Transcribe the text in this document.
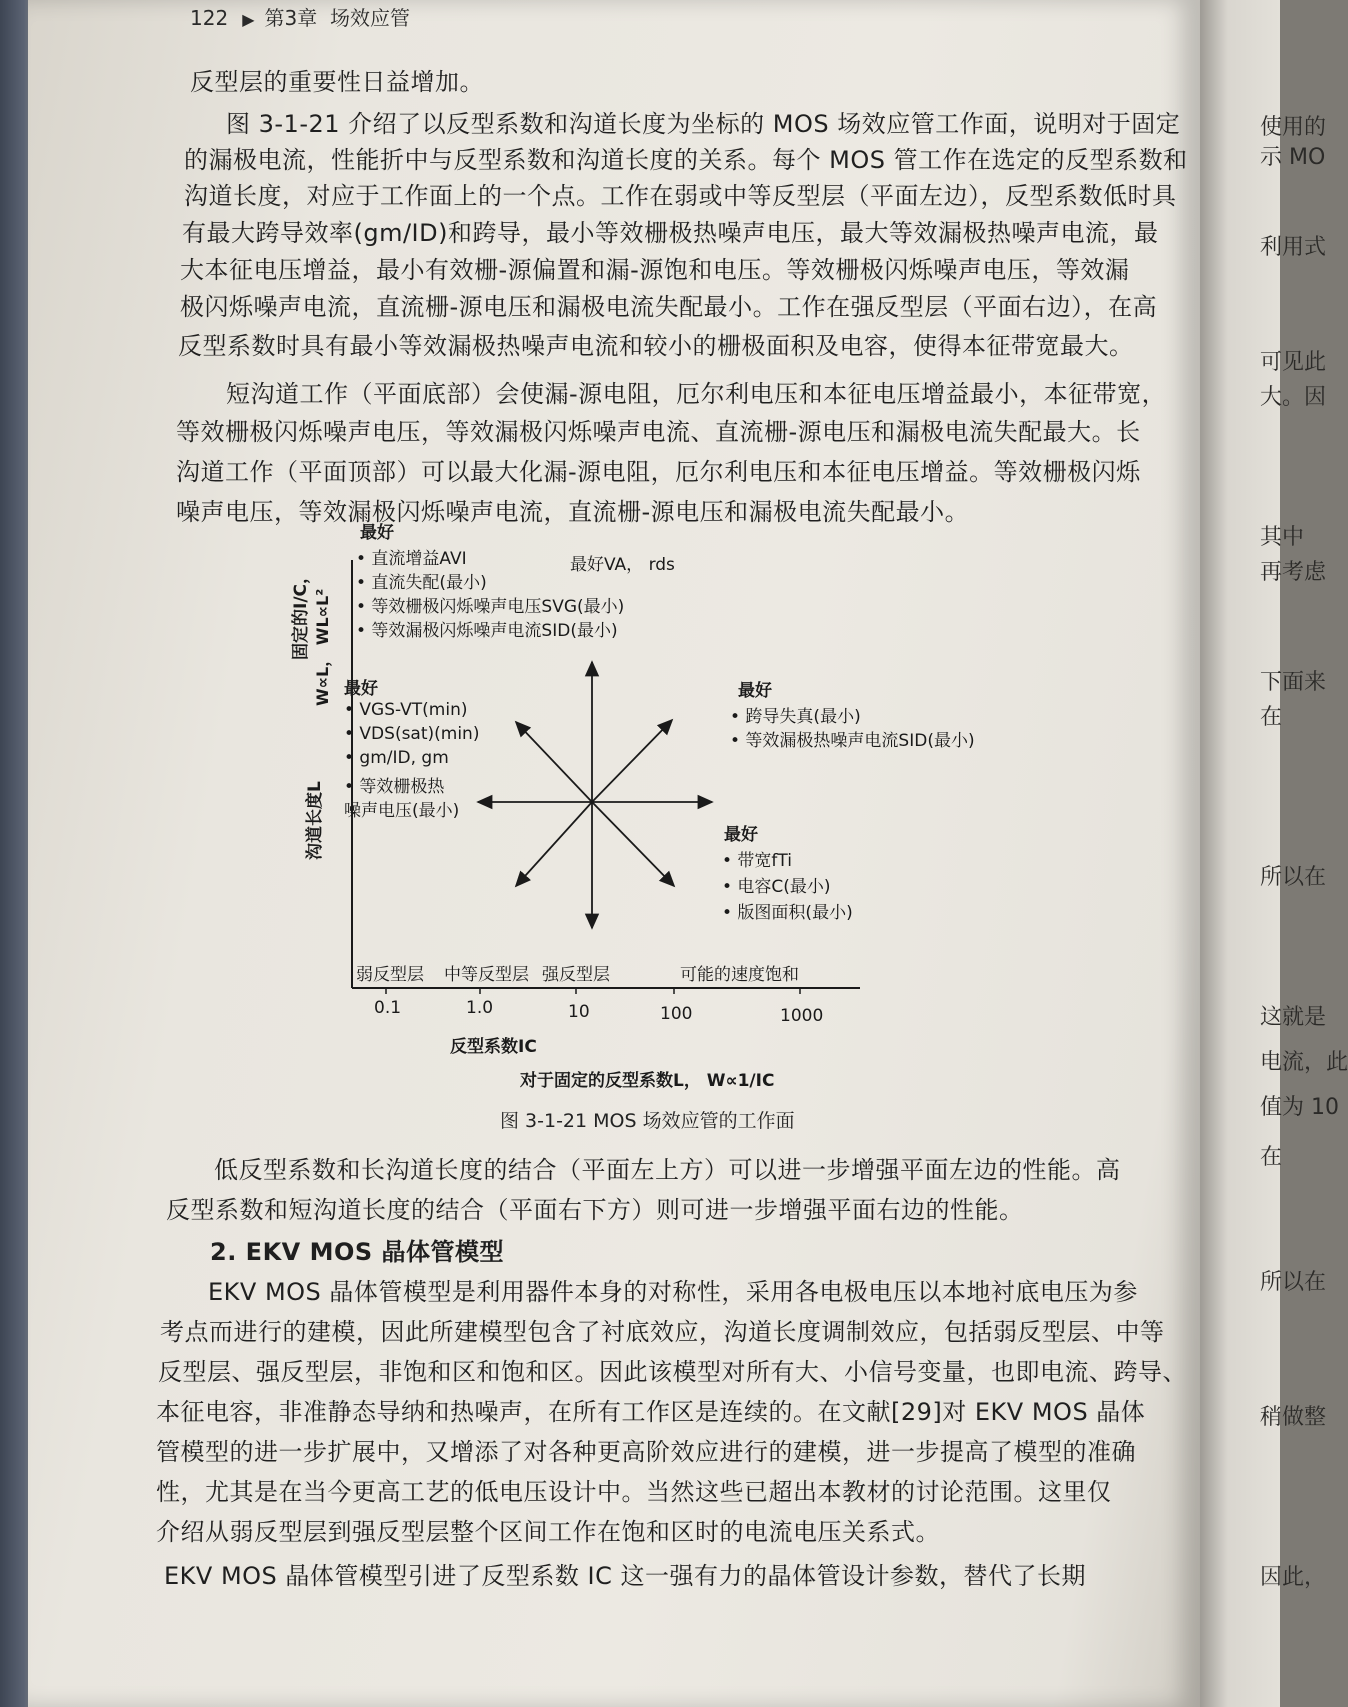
使用的
示 MO
利用式
可见此
大。因
其中
再考虑
下面来
在
所以在
这就是
电流，此
值为 10
在
所以在
稍做整
因此，
122 ▶ 第3章 场效应管
反型层的重要性日益增加。
图 3-1-21 介绍了以反型系数和沟道长度为坐标的 MOS 场效应管工作面，说明对于固定
的漏极电流，性能折中与反型系数和沟道长度的关系。每个 MOS 管工作在选定的反型系数和
沟道长度，对应于工作面上的一个点。工作在弱或中等反型层（平面左边），反型系数低时具
有最大跨导效率(gm/ID)和跨导，最小等效栅极热噪声电压，最大等效漏极热噪声电流，最
大本征电压增益，最小有效栅-源偏置和漏-源饱和电压。等效栅极闪烁噪声电压，等效漏
极闪烁噪声电流，直流栅-源电压和漏极电流失配最小。工作在强反型层（平面右边），在高
反型系数时具有最小等效漏极热噪声电流和较小的栅极面积及电容，使得本征带宽最大。
短沟道工作（平面底部）会使漏-源电阻，厄尔利电压和本征电压增益最小，本征带宽，
等效栅极闪烁噪声电压，等效漏极闪烁噪声电流、直流栅-源电压和漏极电流失配最大。长
沟道工作（平面顶部）可以最大化漏-源电阻，厄尔利电压和本征电压增益。等效栅极闪烁
噪声电压，等效漏极闪烁噪声电流，直流栅-源电压和漏极电流失配最小。
固定的I/C， W∝L， WL∝L²
沟道长度L
最好
• 直流增益AVI
• 直流失配(最小)
• 等效栅极闪烁噪声电压SVG(最小)
• 等效漏极闪烁噪声电流SID(最小)
最好VA， rds
最好
• VGS-VT(min)
• VDS(sat)(min)
• gm/ID, gm
• 等效栅极热
噪声电压(最小)
最好
• 跨导失真(最小)
• 等效漏极热噪声电流SID(最小)
最好
• 带宽fTi
• 电容C(最小)
• 版图面积(最小)
弱反型层 中等反型层 强反型层	可能的速度饱和
0.1	1.0	10	100	1000
反型系数IC
对于固定的反型系数L， W∝1/IC
图 3-1-21 MOS 场效应管的工作面
低反型系数和长沟道长度的结合（平面左上方）可以进一步增强平面左边的性能。高
反型系数和短沟道长度的结合（平面右下方）则可进一步增强平面右边的性能。
2. EKV MOS 晶体管模型
EKV MOS 晶体管模型是利用器件本身的对称性，采用各电极电压以本地衬底电压为参
考点而进行的建模，因此所建模型包含了衬底效应，沟道长度调制效应，包括弱反型层、中等
反型层、强反型层，非饱和区和饱和区。因此该模型对所有大、小信号变量，也即电流、跨导、
本征电容，非准静态导纳和热噪声，在所有工作区是连续的。在文献[29]对 EKV MOS 晶体
管模型的进一步扩展中，又增添了对各种更高阶效应进行的建模，进一步提高了模型的准确
性，尤其是在当今更高工艺的低电压设计中。当然这些已超出本教材的讨论范围。这里仅
介绍从弱反型层到强反型层整个区间工作在饱和区时的电流电压关系式。
EKV MOS 晶体管模型引进了反型系数 IC 这一强有力的晶体管设计参数，替代了长期
